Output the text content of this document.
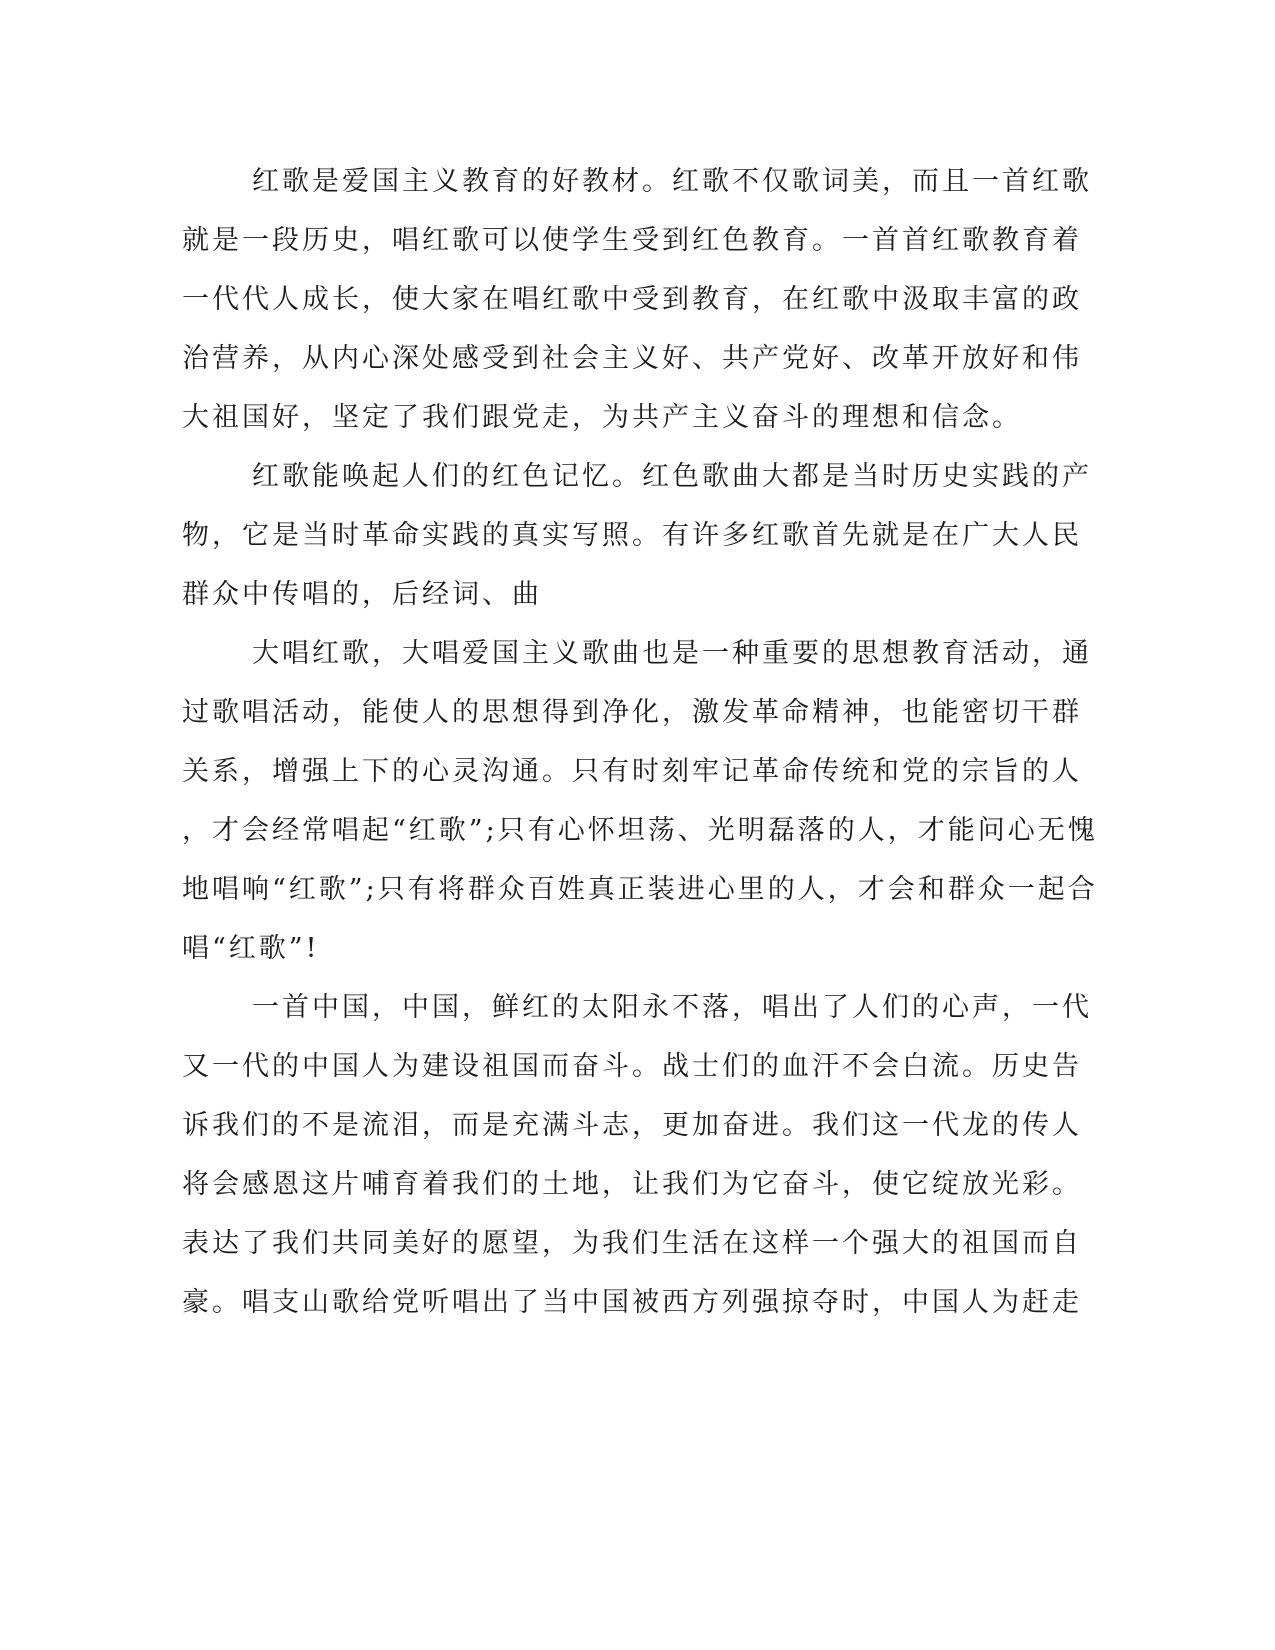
红歌是爱国主义教育的好教材。红歌不仅歌词美，而且一首红歌

就是一段历史，唱红歌可以使学生受到红色教育。一首首红歌教育着

一代代人成长，使大家在唱红歌中受到教育，在红歌中汲取丰富的政

治营养，从内心深处感受到社会主义好、共产党好、改革开放好和伟

大祖国好，坚定了我们跟党走，为共产主义奋斗的理想和信念。

红歌能唤起人们的红色记忆。红色歌曲大都是当时历史实践的产

物，它是当时革命实践的真实写照。有许多红歌首先就是在广大人民

群众中传唱的，后经词、曲

大唱红歌，大唱爱国主义歌曲也是一种重要的思想教育活动，通

过歌唱活动，能使人的思想得到净化，激发革命精神，也能密切干群

关系，增强上下的心灵沟通。只有时刻牢记革命传统和党的宗旨的人

，才会经常唱起“红歌”;只有心怀坦荡、光明磊落的人，才能问心无愧

地唱响“红歌”;只有将群众百姓真正装进心里的人，才会和群众一起合

唱“红歌”!

一首中国，中国，鲜红的太阳永不落，唱出了人们的心声，一代

又一代的中国人为建设祖国而奋斗。战士们的血汗不会白流。历史告

诉我们的不是流泪，而是充满斗志，更加奋进。我们这一代龙的传人

将会感恩这片哺育着我们的土地，让我们为它奋斗，使它绽放光彩。

表达了我们共同美好的愿望，为我们生活在这样一个强大的祖国而自

豪。唱支山歌给党听唱出了当中国被西方列强掠夺时，中国人为赶走
